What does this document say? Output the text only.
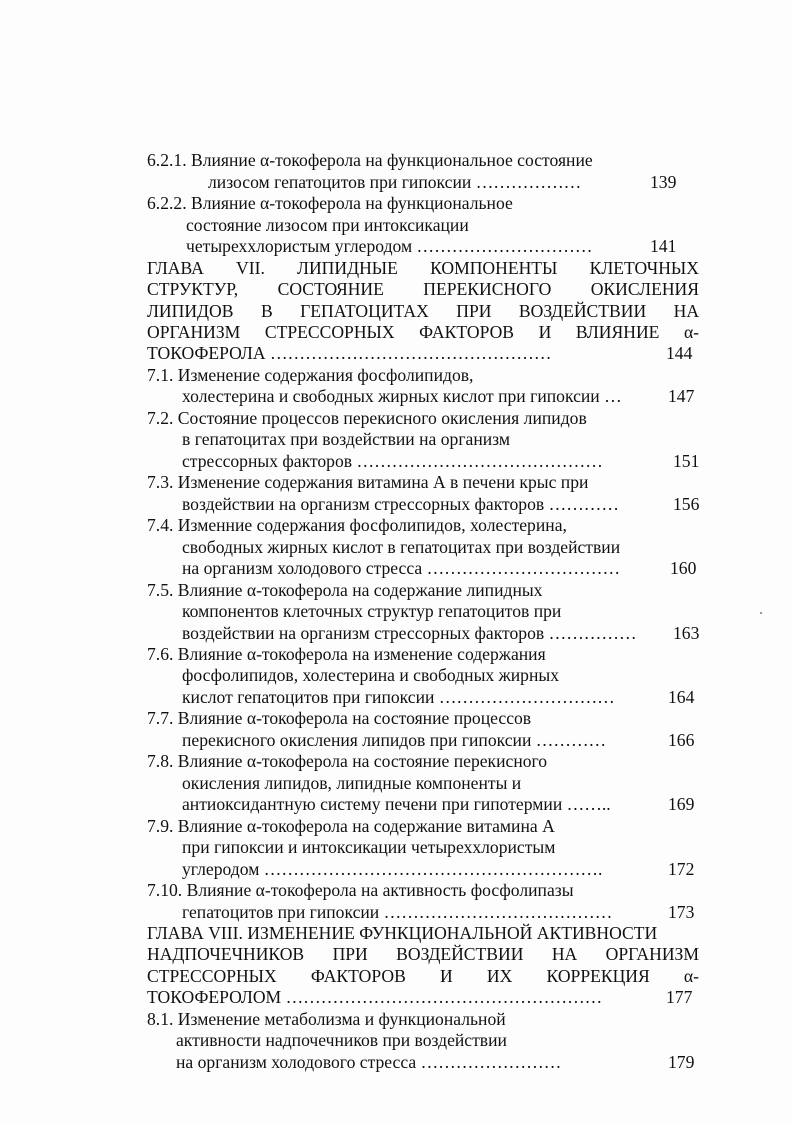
6.2.1. Влияние α-токоферола на функциональное состояние
лизосом гепатоцитов при гипоксии ………………	139
6.2.2. Влияние α-токоферола на функциональное
состояние лизосом при интоксикации
четыреххлористым углеродом …………………………	141
ГЛАВА VII. ЛИПИДНЫЕ КОМПОНЕНТЫ КЛЕТОЧНЫХ
СТРУКТУР, СОСТОЯНИЕ ПЕРЕКИСНОГО ОКИСЛЕНИЯ
ЛИПИДОВ В ГЕПАТОЦИТАХ ПРИ ВОЗДЕЙСТВИИ НА
ОРГАНИЗМ СТРЕССОРНЫХ ФАКТОРОВ И ВЛИЯНИЕ α-
ТОКОФЕРОЛА …………………………………………	144
7.1. Изменение содержания фосфолипидов,
холестерина и свободных жирных кислот при гипоксии …	147
7.2. Состояние процессов перекисного окисления липидов
в гепатоцитах при воздействии на организм
стрессорных факторов ……………………………………	151
7.3. Изменение содержания витамина А в печени крыс при
воздействии на организм стрессорных факторов …………	156
7.4. Изменние содержания фосфолипидов, холестерина,
свободных жирных кислот в гепатоцитах при воздействии
на организм холодового стресса ……………………………	160
7.5. Влияние α-токоферола на содержание липидных
компонентов клеточных структур гепатоцитов при
воздействии на организм стрессорных факторов …………… 163
7.6. Влияние α-токоферола на изменение содержания
фосфолипидов, холестерина и свободных жирных
кислот гепатоцитов при гипоксии …………………………	164
7.7. Влияние α-токоферола на состояние процессов
перекисного окисления липидов при гипоксии …………	166
7.8. Влияние α-токоферола на состояние перекисного
окисления липидов, липидные компоненты и
антиоксидантную систему печени при гипотермии ……..	169
7.9. Влияние α-токоферола на содержание витамина А
при гипоксии и интоксикации четыреххлористым
углеродом ………………………………………………….	172
7.10. Влияние α-токоферола на активность фосфолипазы
гепатоцитов при гипоксии …………………………………	173
ГЛАВА VIII. ИЗМЕНЕНИЕ ФУНКЦИОНАЛЬНОЙ АКТИВНОСТИ
НАДПОЧЕЧНИКОВ ПРИ ВОЗДЕЙСТВИИ НА ОРГАНИЗМ
СТРЕССОРНЫХ ФАКТОРОВ И ИХ КОРРЕКЦИЯ α-
ТОКОФЕРОЛОМ ………………………………………………	177
8.1. Изменение метаболизма и функциональной
активности надпочечников при воздействии
на организм холодового стресса ……………………	179
